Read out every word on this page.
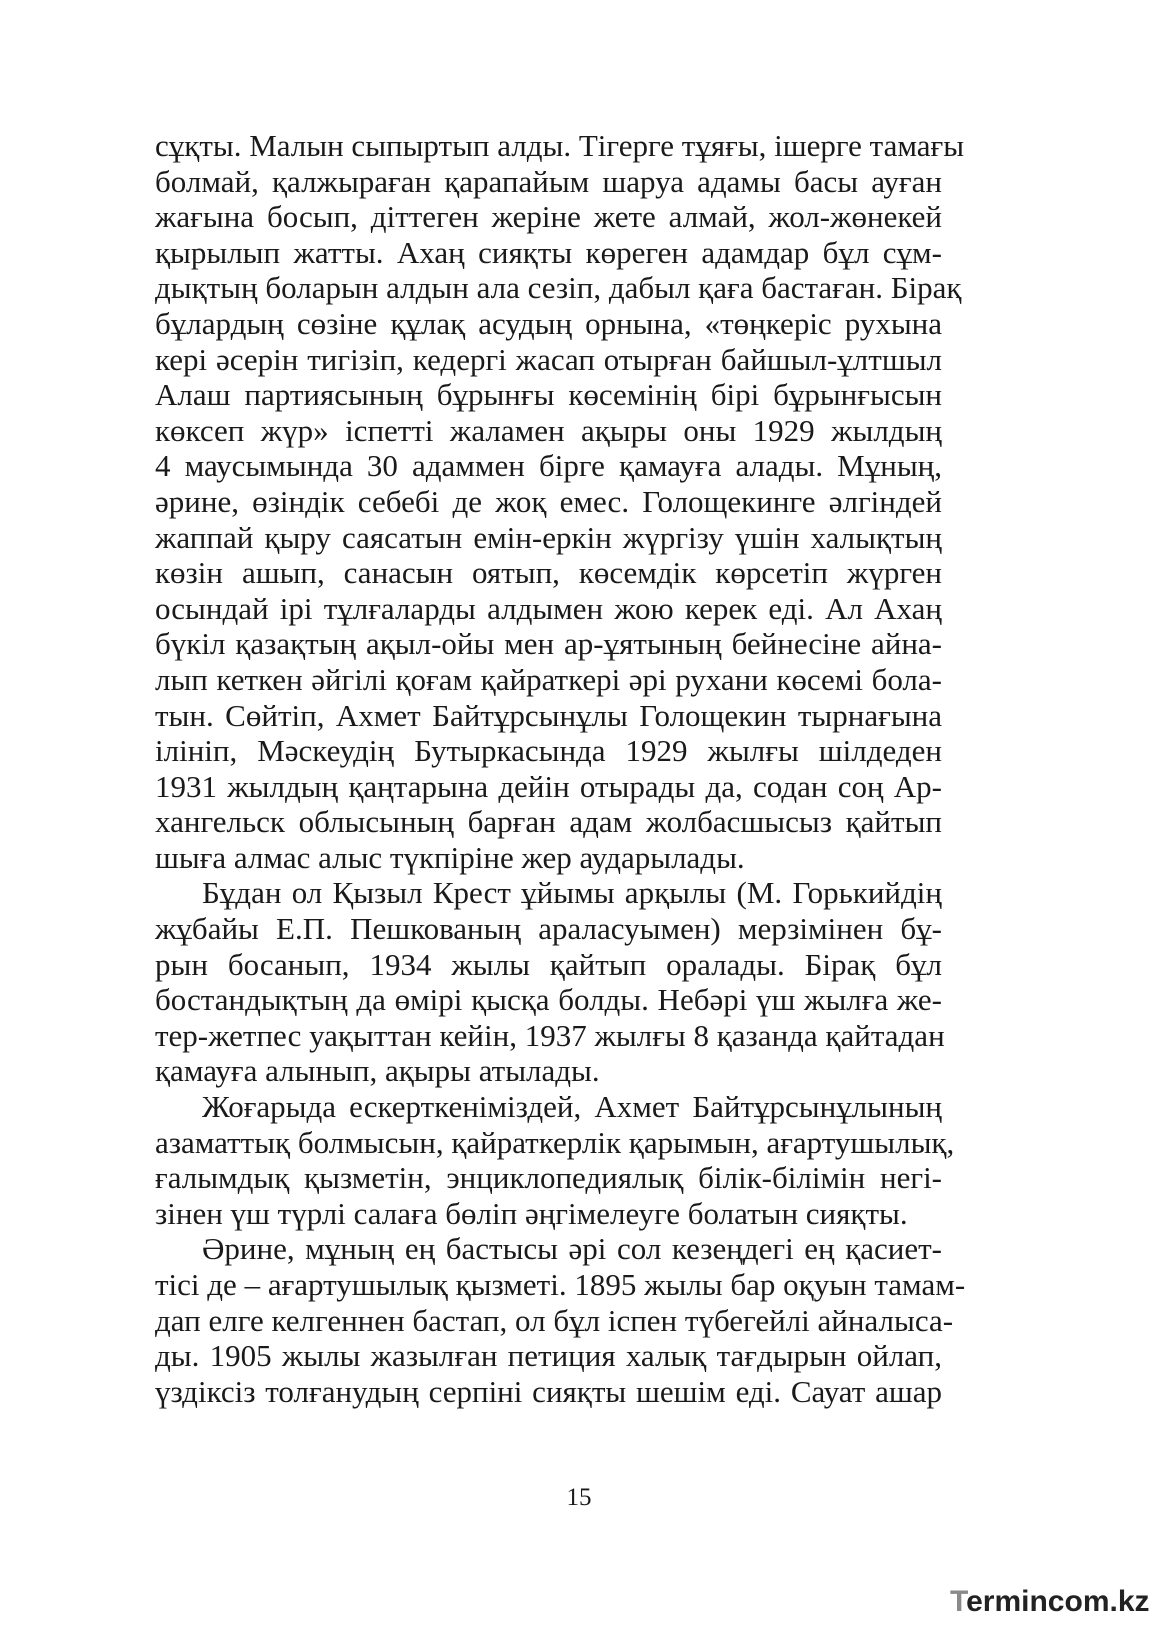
сұқты. Малын сыпыртып алды. Тігерге тұяғы, ішерге тамағы
болмай, қалжыраған қарапайым шаруа адамы басы ауған
жағына босып, діттеген жеріне жете алмай, жол-жөнекей
қырылып жатты. Ахаң сияқты көреген адамдар бұл сұм-
дықтың боларын алдын ала сезіп, дабыл қаға бастаған. Бірақ
бұлардың сөзіне құлақ асудың орнына, «төңкеріс рухына
кері әсерін тигізіп, кедергі жасап отырған байшыл-ұлтшыл
Алаш партиясының бұрынғы көсемінің бірі бұрынғысын
көксеп жүр» іспетті жаламен ақыры оны 1929 жылдың
4 маусымында 30 адаммен бірге қамауға алады. Мұның,
әрине, өзіндік себебі де жоқ емес. Голощекинге әлгіндей
жаппай қыру саясатын емін-еркін жүргізу үшін халықтың
көзін ашып, санасын оятып, көсемдік көрсетіп жүрген
осындай ірі тұлғаларды алдымен жою керек еді. Ал Ахаң
бүкіл қазақтың ақыл-ойы мен ар-ұятының бейнесіне айна-
лып кеткен әйгілі қоғам қайраткері әрі рухани көсемі бола-
тын. Сөйтіп, Ахмет Байтұрсынұлы Голощекин тырнағына
ілініп, Мәскеудің Бутыркасында 1929 жылғы шілдеден
1931 жылдың қаңтарына дейін отырады да, содан соң Ар-
хангельск облысының барған адам жолбасшысыз қайтып
шыға алмас алыс түкпіріне жер аударылады.
Бұдан ол Қызыл Крест ұйымы арқылы (М. Горькийдің
жұбайы Е.П. Пешкованың араласуымен) мерзімінен бұ-
рын босанып, 1934 жылы қайтып оралады. Бірақ бұл
бостандықтың да өмірі қысқа болды. Небәрі үш жылға же-
тер-жетпес уақыттан кейін, 1937 жылғы 8 қазанда қайтадан
қамауға алынып, ақыры атылады.
Жоғарыда ескерткеніміздей, Ахмет Байтұрсынұлының
азаматтық болмысын, қайраткерлік қарымын, ағартушылық,
ғалымдық қызметін, энциклопедиялық білік-білімін негі-
зінен үш түрлі салаға бөліп әңгімелеуге болатын сияқты.
Әрине, мұның ең бастысы әрі сол кезеңдегі ең қасиет-
тісі де – ағартушылық қызметі. 1895 жылы бар оқуын тамам-
дап елге келгеннен бастап, ол бұл іспен түбегейлі айналыса-
ды. 1905 жылы жазылған петиция халық тағдырын ойлап,
үздіксіз толғанудың серпіні сияқты шешім еді. Сауат ашар
15
Termincom.kz
